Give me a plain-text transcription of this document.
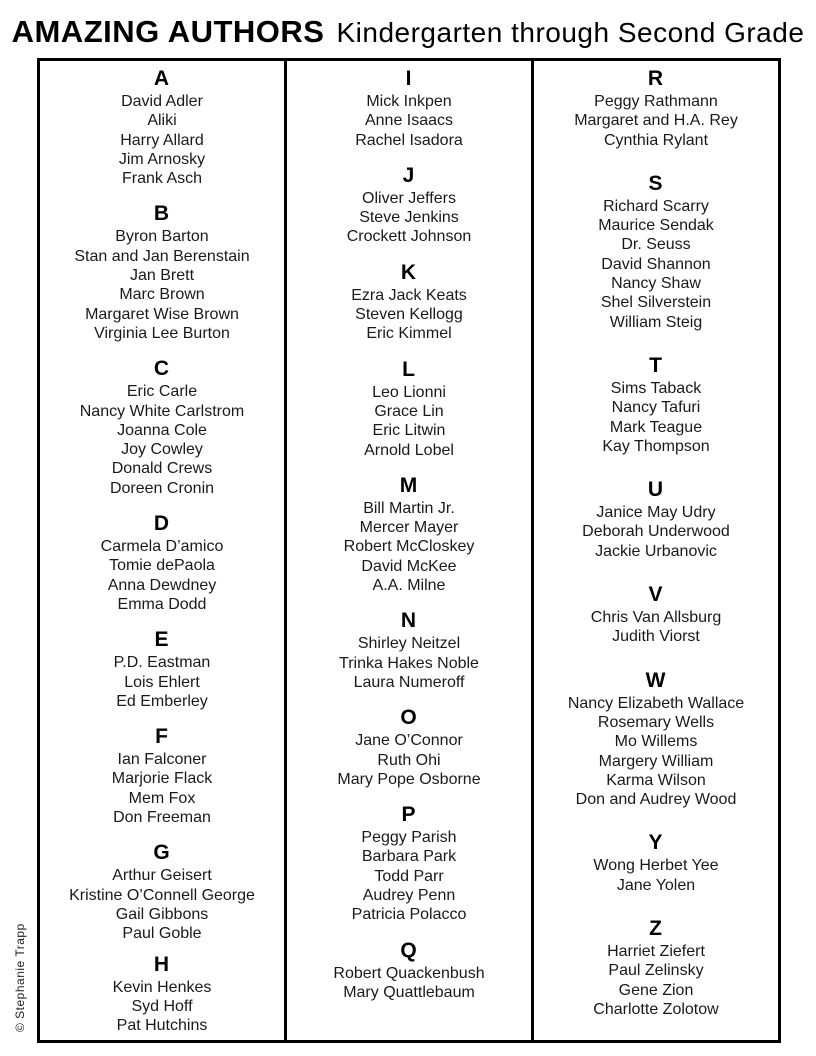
AMAZING AUTHORS Kindergarten through Second Grade
A
David Adler
Aliki
Harry Allard
Jim Arnosky
Frank Asch
B
Byron Barton
Stan and Jan Berenstain
Jan Brett
Marc Brown
Margaret Wise Brown
Virginia Lee Burton
C
Eric Carle
Nancy White Carlstrom
Joanna Cole
Joy Cowley
Donald Crews
Doreen Cronin
D
Carmela D’amico
Tomie dePaola
Anna Dewdney
Emma Dodd
E
P.D. Eastman
Lois Ehlert
Ed Emberley
F
Ian Falconer
Marjorie Flack
Mem Fox
Don Freeman
G
Arthur Geisert
Kristine O’Connell George
Gail Gibbons
Paul Goble
H
Kevin Henkes
Syd Hoff
Pat Hutchins
I
Mick Inkpen
Anne Isaacs
Rachel Isadora
J
Oliver Jeffers
Steve Jenkins
Crockett Johnson
K
Ezra Jack Keats
Steven Kellogg
Eric Kimmel
L
Leo Lionni
Grace Lin
Eric Litwin
Arnold Lobel
M
Bill Martin Jr.
Mercer Mayer
Robert McCloskey
David McKee
A.A. Milne
N
Shirley Neitzel
Trinka Hakes Noble
Laura Numeroff
O
Jane O’Connor
Ruth Ohi
Mary Pope Osborne
P
Peggy Parish
Barbara Park
Todd Parr
Audrey Penn
Patricia Polacco
Q
Robert Quackenbush
Mary Quattlebaum
R
Peggy Rathmann
Margaret and H.A. Rey
Cynthia Rylant
S
Richard Scarry
Maurice Sendak
Dr. Seuss
David Shannon
Nancy Shaw
Shel Silverstein
William Steig
T
Sims Taback
Nancy Tafuri
Mark Teague
Kay Thompson
U
Janice May Udry
Deborah Underwood
Jackie Urbanovic
V
Chris Van Allsburg
Judith Viorst
W
Nancy Elizabeth Wallace
Rosemary Wells
Mo Willems
Margery William
Karma Wilson
Don and Audrey Wood
Y
Wong Herbet Yee
Jane Yolen
Z
Harriet Ziefert
Paul Zelinsky
Gene Zion
Charlotte Zolotow
© Stephanie Trapp
